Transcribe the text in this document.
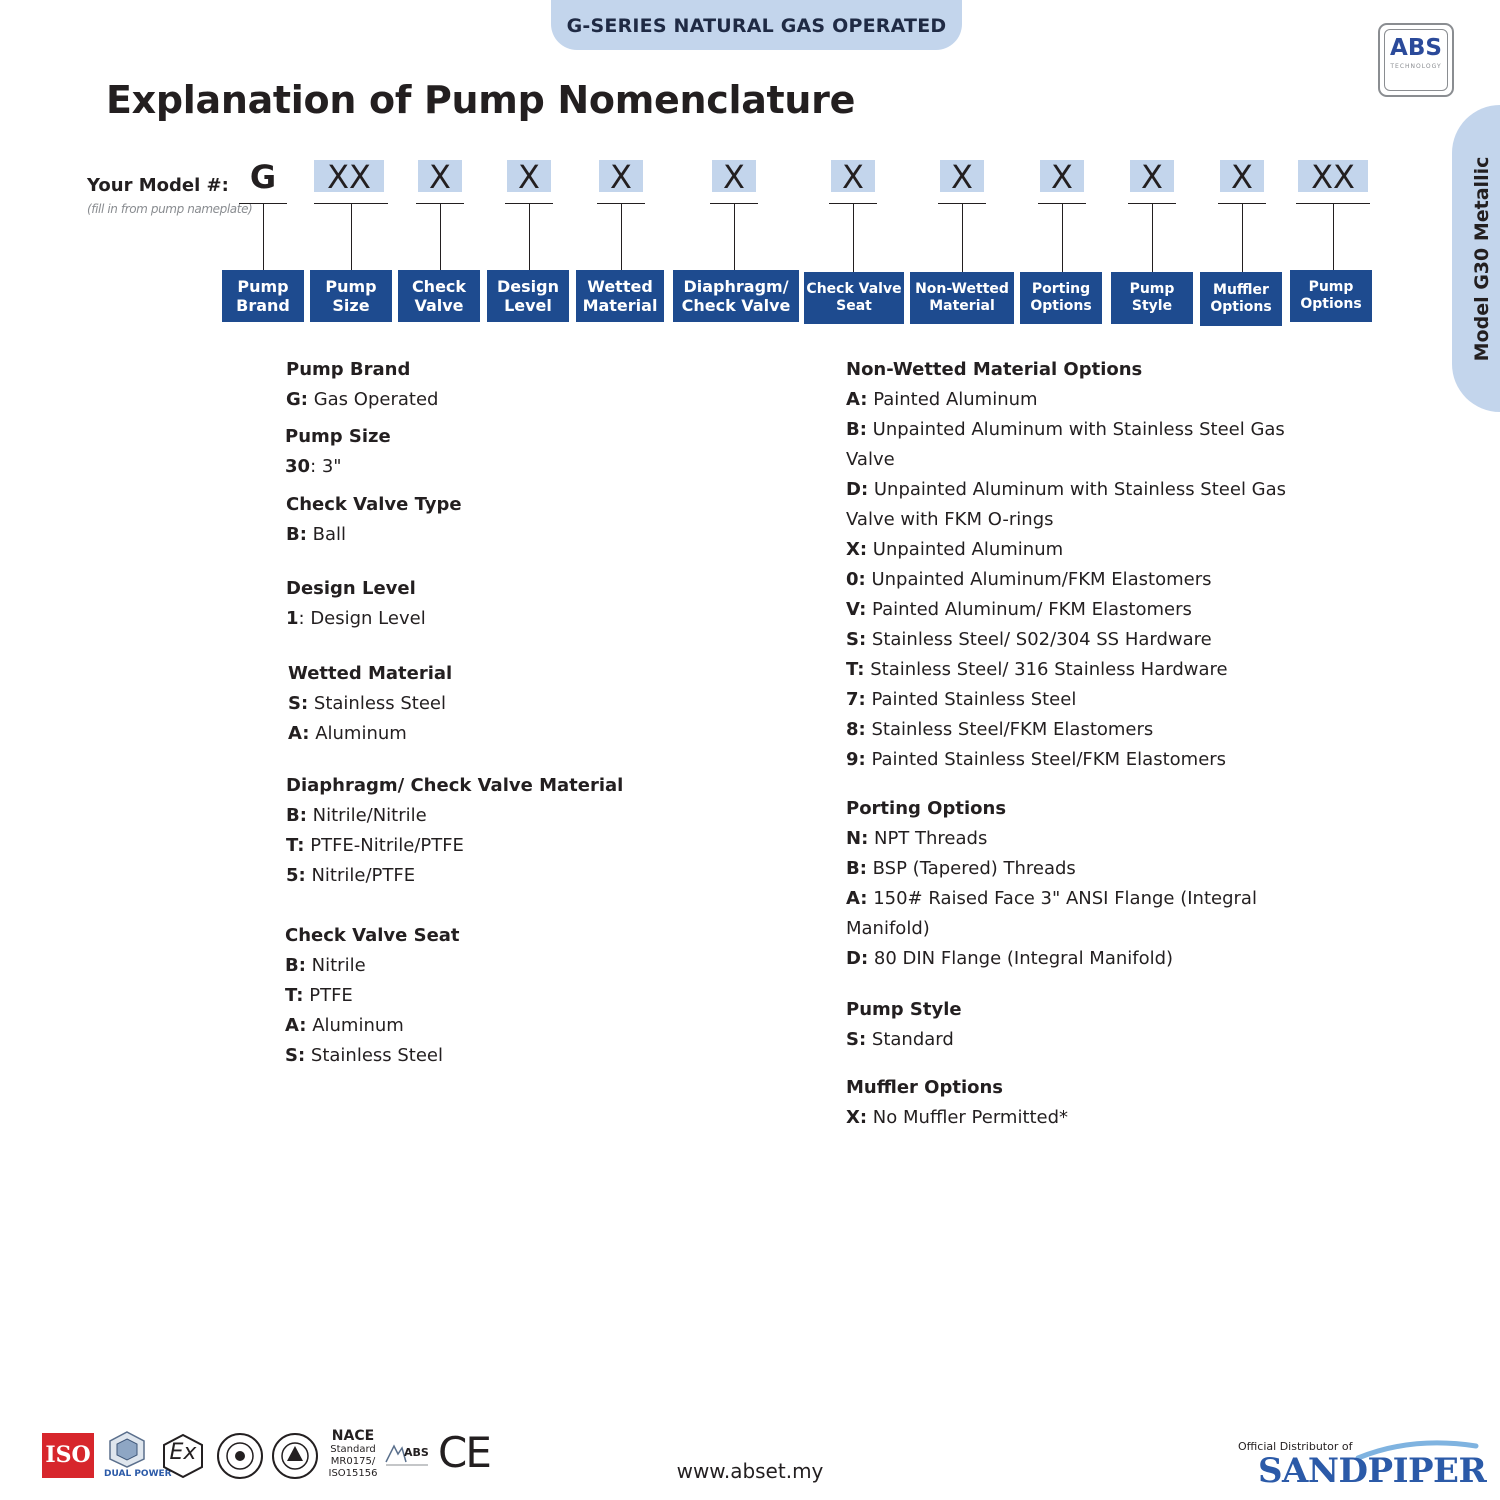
G-SERIES NATURAL GAS OPERATED
ABS
TECHNOLOGY
Model G30 Metallic
Explanation of Pump Nomenclature
Your Model #:
(fill in from pump nameplate)
G
Pump
Brand
XX
Pump
Size
X
Check
Valve
X
Design
Level
X
Wetted
Material
X
Diaphragm/
Check Valve
X
Check Valve
Seat
X
Non-Wetted
Material
X
Porting
Options
X
Pump
Style
X
Muffler
Options
XX
Pump
Options
Pump Brand
G: Gas Operated
Pump Size
30: 3"
Check Valve Type
B: Ball
Design Level
1: Design Level
Wetted Material
S: Stainless Steel
A: Aluminum
Diaphragm/ Check Valve Material
B: Nitrile/Nitrile
T: PTFE-Nitrile/PTFE
5: Nitrile/PTFE
Check Valve Seat
B: Nitrile
T: PTFE
A: Aluminum
S: Stainless Steel
Non-Wetted Material Options
A: Painted Aluminum
B: Unpainted Aluminum with Stainless Steel Gas Valve
D: Unpainted Aluminum with Stainless Steel Gas Valve with FKM O-rings
X: Unpainted Aluminum
0: Unpainted Aluminum/FKM Elastomers
V: Painted Aluminum/ FKM Elastomers
S: Stainless Steel/ S02/304 SS Hardware
T: Stainless Steel/ 316 Stainless Hardware
7: Painted Stainless Steel
8: Stainless Steel/FKM Elastomers
9: Painted Stainless Steel/FKM Elastomers
Porting Options
N: NPT Threads
B: BSP (Tapered) Threads
A: 150# Raised Face 3" ANSI Flange (Integral Manifold)
D: 80 DIN Flange (Integral Manifold)
Pump Style
S: Standard
Muffler Options
X: No Muffler Permitted*
ISO
DUAL POWER
Ex
NACE
Standard
MR0175/
ISO15156
ABS CE	www.abset.my
Official Distributor of
SANDPIPER
